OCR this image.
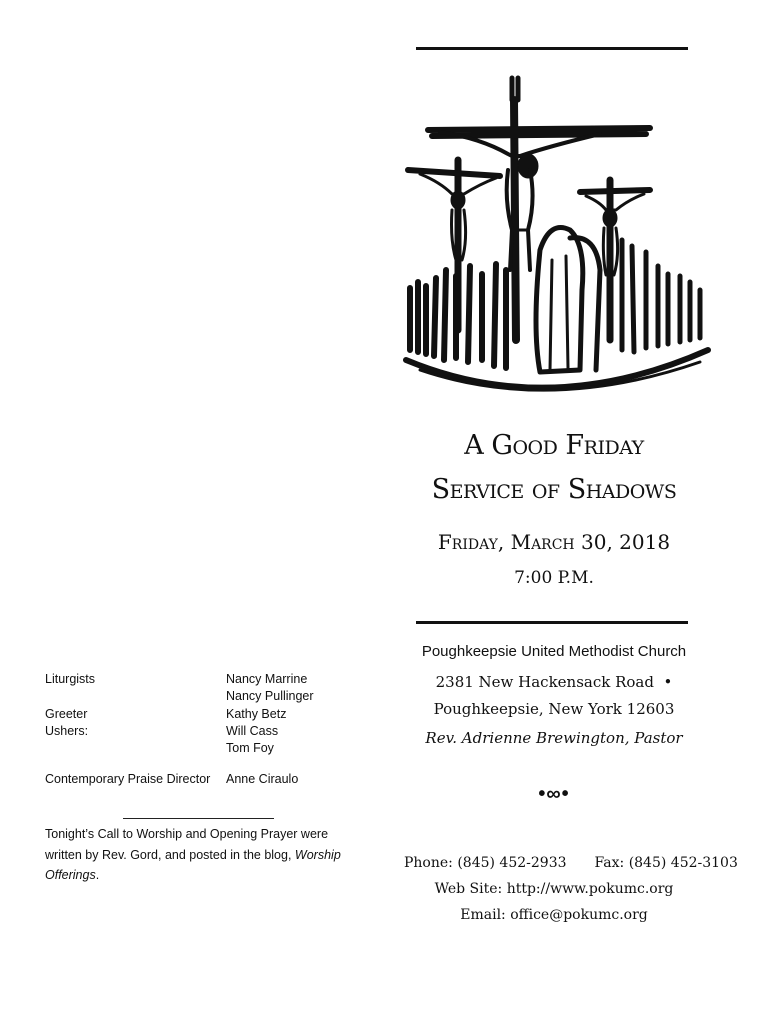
A Good Friday
Service of Shadows
Friday, March 30, 2018
7:00 P.M.
Poughkeepsie United Methodist Church
2381 New Hackensack Road •
Poughkeepsie, New York 12603
Rev. Adrienne Brewington, Pastor
•∞•
Phone: (845) 452-2933 Fax: (845) 452-3103
Web Site: http://www.pokumc.org
Email: office@pokumc.org
Liturgists	Nancy Marrine
Nancy Pullinger
Greeter	Kathy Betz
Ushers:	Will Cass
Tom Foy
Contemporary Praise Director Anne Ciraulo
Tonight’s Call to Worship and Opening Prayer were written by Rev. Gord, and posted in the blog, Worship Offerings.
